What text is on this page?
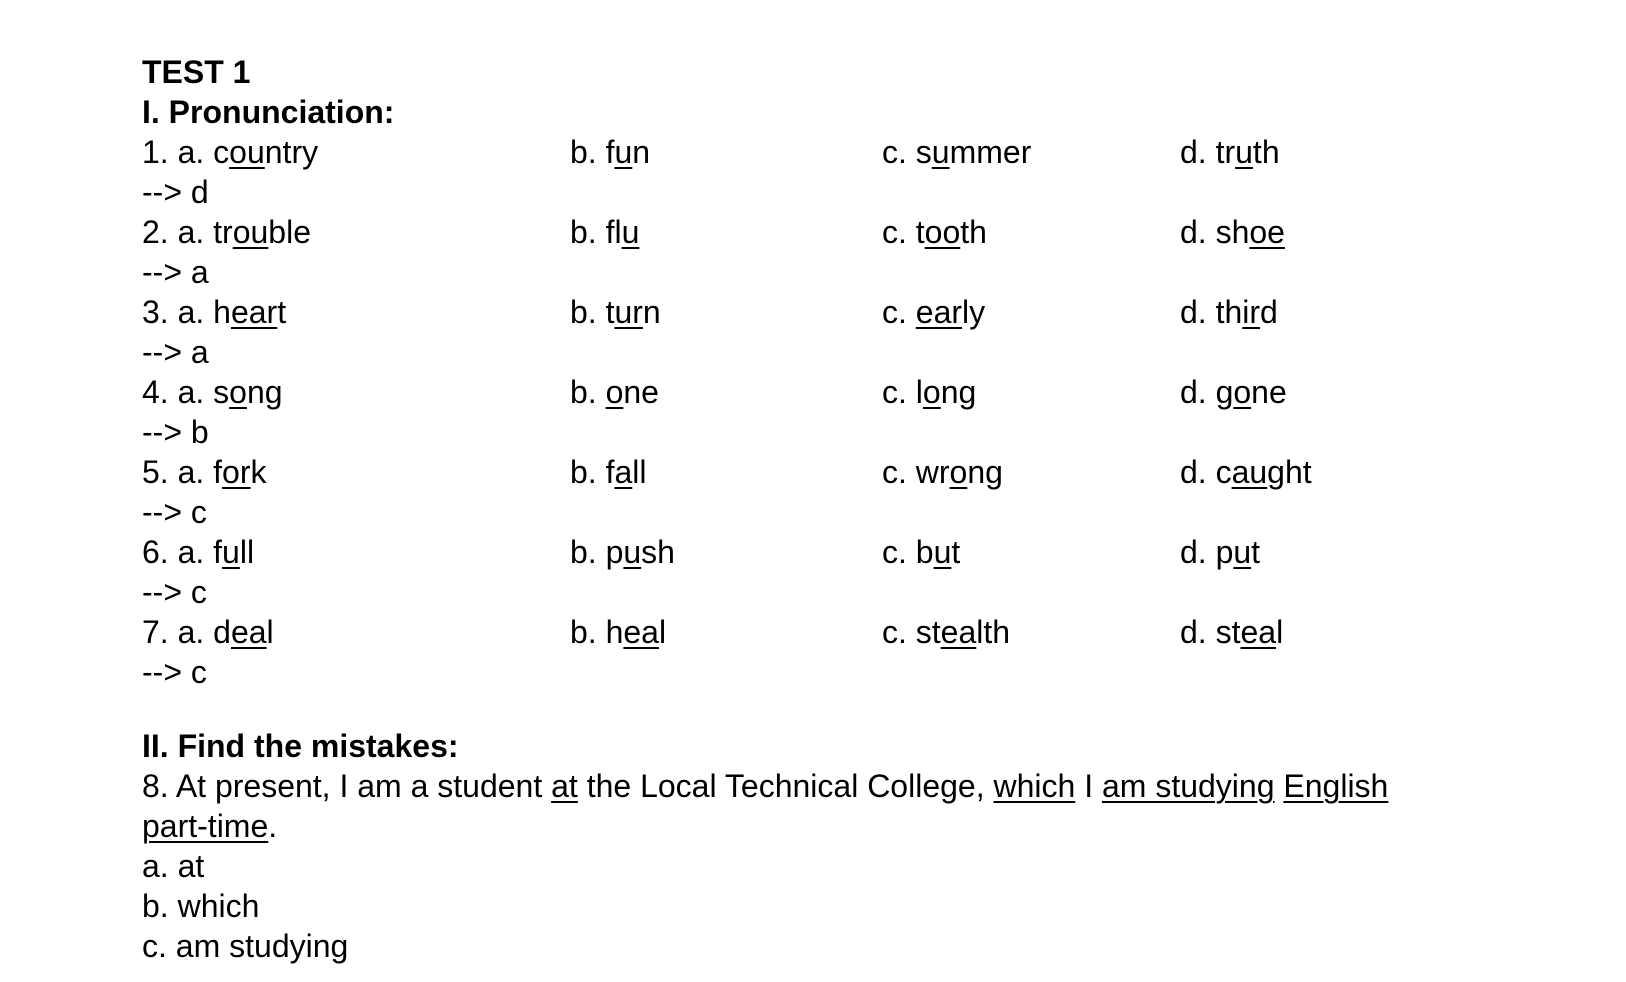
TEST 1
I. Pronunciation:
1. a. country	b. fun	c. summer	d. truth
--> d
2. a. trouble	b. flu	c. tooth	d. shoe
--> a
3. a. heart	b. turn	c. early	d. third
--> a
4. a. song	b. one	c. long	d. gone
--> b
5. a. fork	b. fall	c. wrong	d. caught
--> c
6. a. full	b. push	c. but	d. put
--> c
7. a. deal	b. heal	c. stealth	d. steal
--> c
II. Find the mistakes:
8. At present, I am a student at the Local Technical College, which I am studying English part-time.
a. at
b. which
c. am studying
